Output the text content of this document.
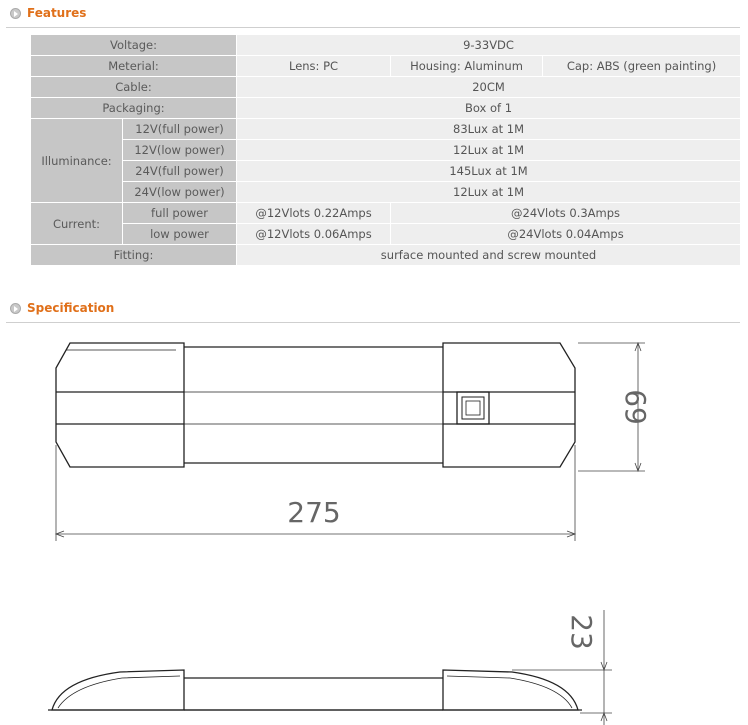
Features
Voltage:		9-33VDC		
Meterial:		Lens: PC	Housing: Aluminum	Cap: ABS (green painting)
Cable:		20CM		
Packaging:		Box of 1		
Illuminance:	12V(full power)	83Lux at 1M		
	12V(low power)	12Lux at 1M		
	24V(full power)	145Lux at 1M		
	24V(low power)	12Lux at 1M		
Current:	full power	@12Vlots 0.22Amps	@24Vlots 0.3Amps	
	low power	@12Vlots 0.06Amps	@24Vlots 0.04Amps	
Fitting:		surface mounted and screw mounted		
Specification
69
275
23
